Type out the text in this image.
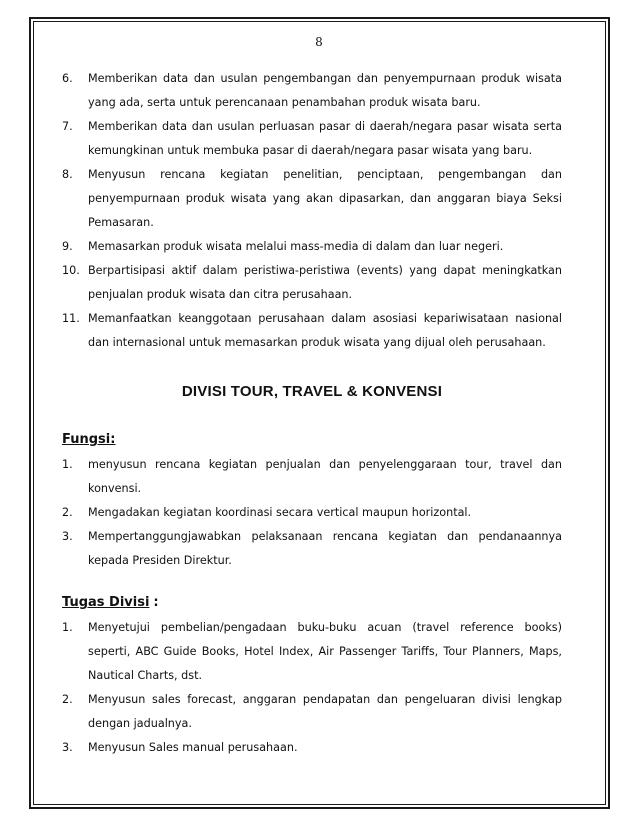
8
6. Memberikan data dan usulan pengembangan dan penyempurnaan produk wisata yang ada, serta untuk perencanaan penambahan produk wisata baru.
7. Memberikan data dan usulan perluasan pasar di daerah/negara pasar wisata serta kemungkinan untuk membuka pasar di daerah/negara pasar wisata yang baru.
8. Menyusun rencana kegiatan penelitian, penciptaan, pengembangan dan penyempurnaan produk wisata yang akan dipasarkan, dan anggaran biaya Seksi Pemasaran.
9. Memasarkan produk wisata melalui mass-media di dalam dan luar negeri.
10. Berpartisipasi aktif dalam peristiwa-peristiwa (events) yang dapat meningkatkan penjualan produk wisata dan citra perusahaan.
11. Memanfaatkan keanggotaan perusahaan dalam asosiasi kepariwisataan nasional dan internasional untuk memasarkan produk wisata yang dijual oleh perusahaan.
DIVISI TOUR, TRAVEL & KONVENSI
Fungsi:
1. menyusun rencana kegiatan penjualan dan penyelenggaraan tour, travel dan konvensi.
2. Mengadakan kegiatan koordinasi secara vertical maupun horizontal.
3. Mempertanggungjawabkan pelaksanaan rencana kegiatan dan pendanaannya kepada Presiden Direktur.
Tugas Divisi :
1. Menyetujui pembelian/pengadaan buku-buku acuan (travel reference books) seperti, ABC Guide Books, Hotel Index, Air Passenger Tariffs, Tour Planners, Maps, Nautical Charts, dst.
2. Menyusun sales forecast, anggaran pendapatan dan pengeluaran divisi lengkap dengan jadualnya.
3. Menyusun Sales manual perusahaan.
